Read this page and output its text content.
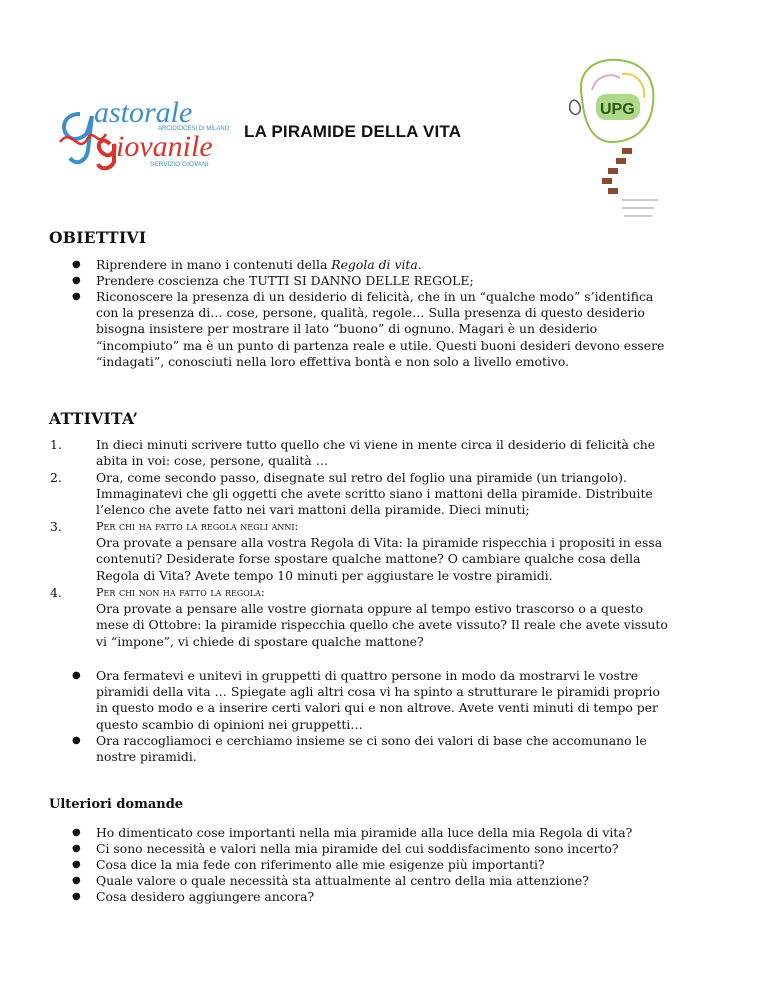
astorale
ARCIDIOCESI DI MILANO
iovanile
SERVIZIO GIOVANI
LA PIRAMIDE DELLA VITA
UPG
OBIETTIVI
● Riprendere in mano i contenuti della Regola di vita.
● Prendere coscienza che TUTTI SI DANNO DELLE REGOLE;
● Riconoscere la presenza di un desiderio di felicità, che in un “qualche modo” s’identifica

con la presenza di… cose, persone, qualità, regole… Sulla presenza di questo desiderio

bisogna insistere per mostrare il lato “buono” di ognuno. Magari è un desiderio

“incompiuto” ma è un punto di partenza reale e utile. Questi buoni desideri devono essere

“indagati”, conosciuti nella loro effettiva bontà e non solo a livello emotivo.

ATTIVITA’
1.	In dieci minuti scrivere tutto quello che vi viene in mente circa il desiderio di felicità che

abita in voi: cose, persone, qualità …

2.	Ora, come secondo passo, disegnate sul retro del foglio una piramide (un triangolo).

Immaginatevi che gli oggetti che avete scritto siano i mattoni della piramide. Distribuite

l’elenco che avete fatto nei vari mattoni della piramide. Dieci minuti;

3.	Per chi ha fatto la regola negli anni:

Ora provate a pensare alla vostra Regola di Vita: la piramide rispecchia i propositi in essa

contenuti? Desiderate forse spostare qualche mattone? O cambiare qualche cosa della

Regola di Vita? Avete tempo 10 minuti per aggiustare le vostre piramidi.

4.	Per chi non ha fatto la regola:

Ora provate a pensare alle vostre giornata oppure al tempo estivo trascorso o a questo

mese di Ottobre: la piramide rispecchia quello che avete vissuto? Il reale che avete vissuto

vi “impone”, vi chiede di spostare qualche mattone?

● Ora fermatevi e unitevi in gruppetti di quattro persone in modo da mostrarvi le vostre

piramidi della vita … Spiegate agli altri cosa vi ha spinto a strutturare le piramidi proprio

in questo modo e a inserire certi valori qui e non altrove. Avete venti minuti di tempo per

questo scambio di opinioni nei gruppetti…

● Ora raccogliamoci e cerchiamo insieme se ci sono dei valori di base che accomunano le

nostre piramidi.

Ulteriori domande
● Ho dimenticato cose importanti nella mia piramide alla luce della mia Regola di vita?
● Ci sono necessità e valori nella mia piramide del cui soddisfacimento sono incerto?
● Cosa dice la mia fede con riferimento alle mie esigenze più importanti?
● Quale valore o quale necessità sta attualmente al centro della mia attenzione?
● Cosa desidero aggiungere ancora?
